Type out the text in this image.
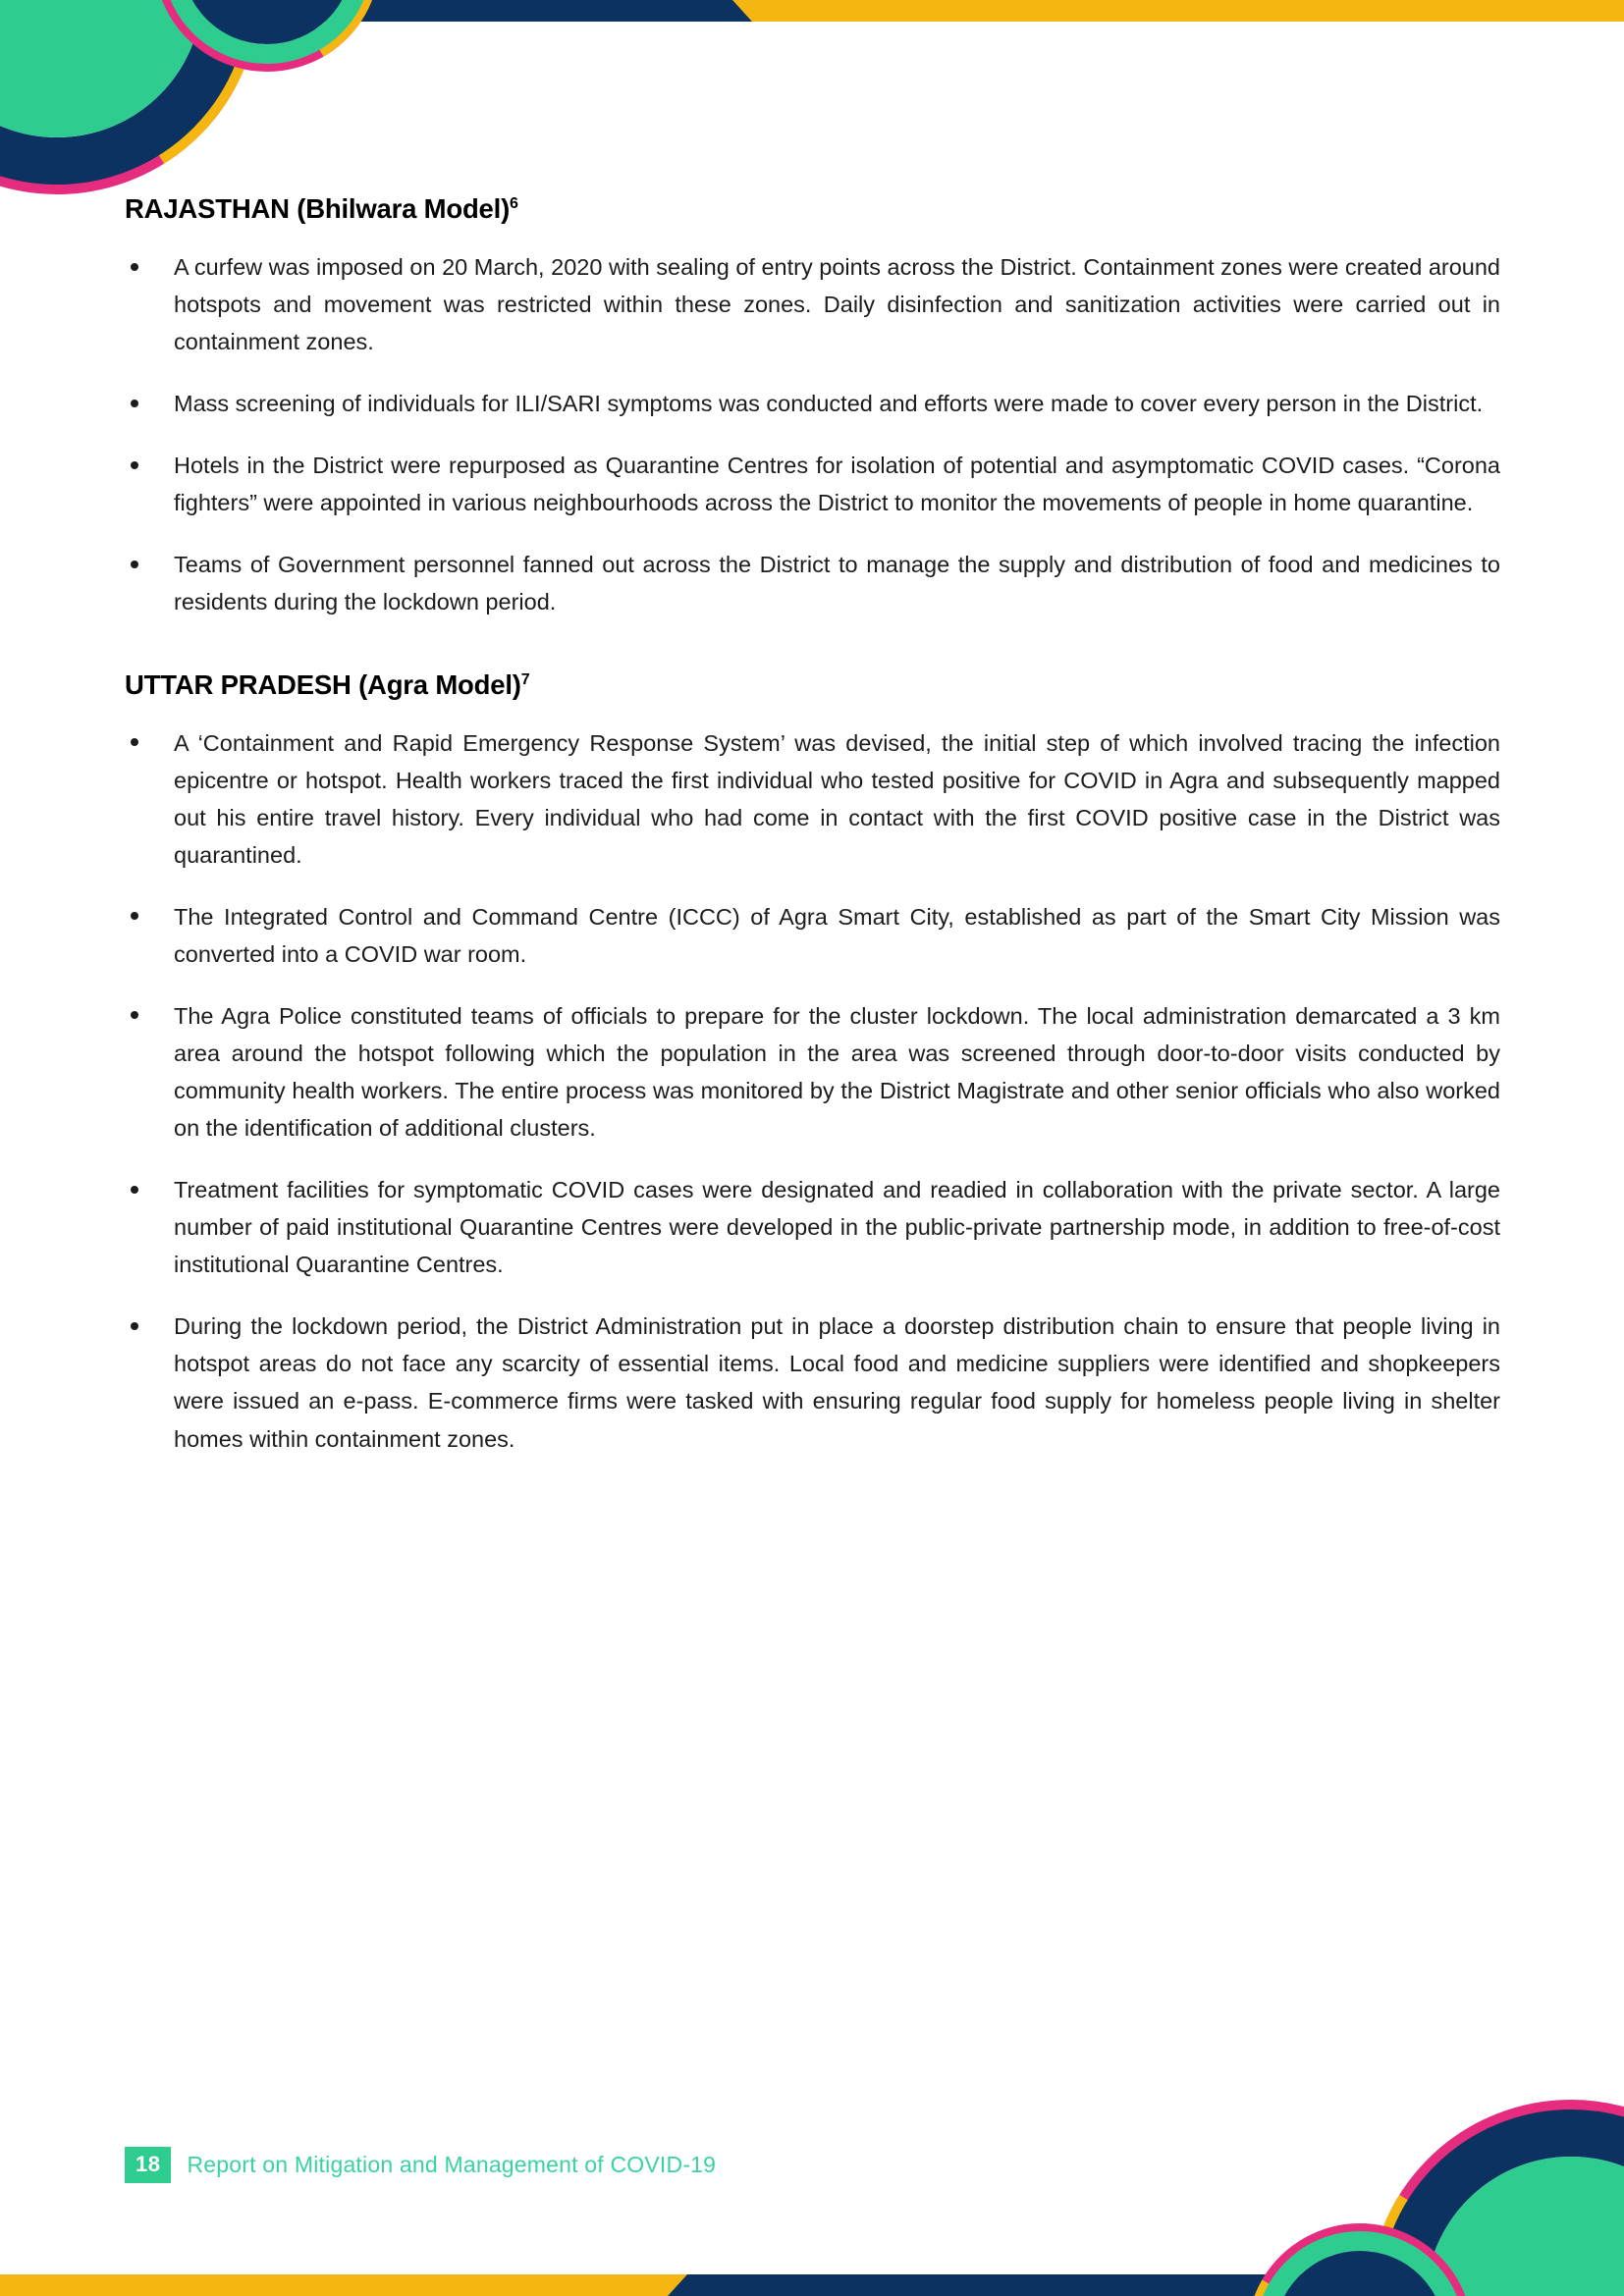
RAJASTHAN (Bhilwara Model)$^6$
A curfew was imposed on 20 March, 2020 with sealing of entry points across the District. Containment zones were created around hotspots and movement was restricted within these zones. Daily disinfection and sanitization activities were carried out in containment zones.
Mass screening of individuals for ILI/SARI symptoms was conducted and efforts were made to cover every person in the District.
Hotels in the District were repurposed as Quarantine Centres for isolation of potential and asymptomatic COVID cases. “Corona fighters” were appointed in various neighbourhoods across the District to monitor the movements of people in home quarantine.
Teams of Government personnel fanned out across the District to manage the supply and distribution of food and medicines to residents during the lockdown period.
UTTAR PRADESH (Agra Model)$^7$
A ‘Containment and Rapid Emergency Response System’ was devised, the initial step of which involved tracing the infection epicentre or hotspot. Health workers traced the first individual who tested positive for COVID in Agra and subsequently mapped out his entire travel history. Every individual who had come in contact with the first COVID positive case in the District was quarantined.
The Integrated Control and Command Centre (ICCC) of Agra Smart City, established as part of the Smart City Mission was converted into a COVID war room.
The Agra Police constituted teams of officials to prepare for the cluster lockdown. The local administration demarcated a 3 km area around the hotspot following which the population in the area was screened through door-to-door visits conducted by community health workers. The entire process was monitored by the District Magistrate and other senior officials who also worked on the identification of additional clusters.
Treatment facilities for symptomatic COVID cases were designated and readied in collaboration with the private sector. A large number of paid institutional Quarantine Centres were developed in the public-private partnership mode, in addition to free-of-cost institutional Quarantine Centres.
During the lockdown period, the District Administration put in place a doorstep distribution chain to ensure that people living in hotspot areas do not face any scarcity of essential items. Local food and medicine suppliers were identified and shopkeepers were issued an e-pass. E-commerce firms were tasked with ensuring regular food supply for homeless people living in shelter homes within containment zones.
18	Report on Mitigation and Management of COVID-19
